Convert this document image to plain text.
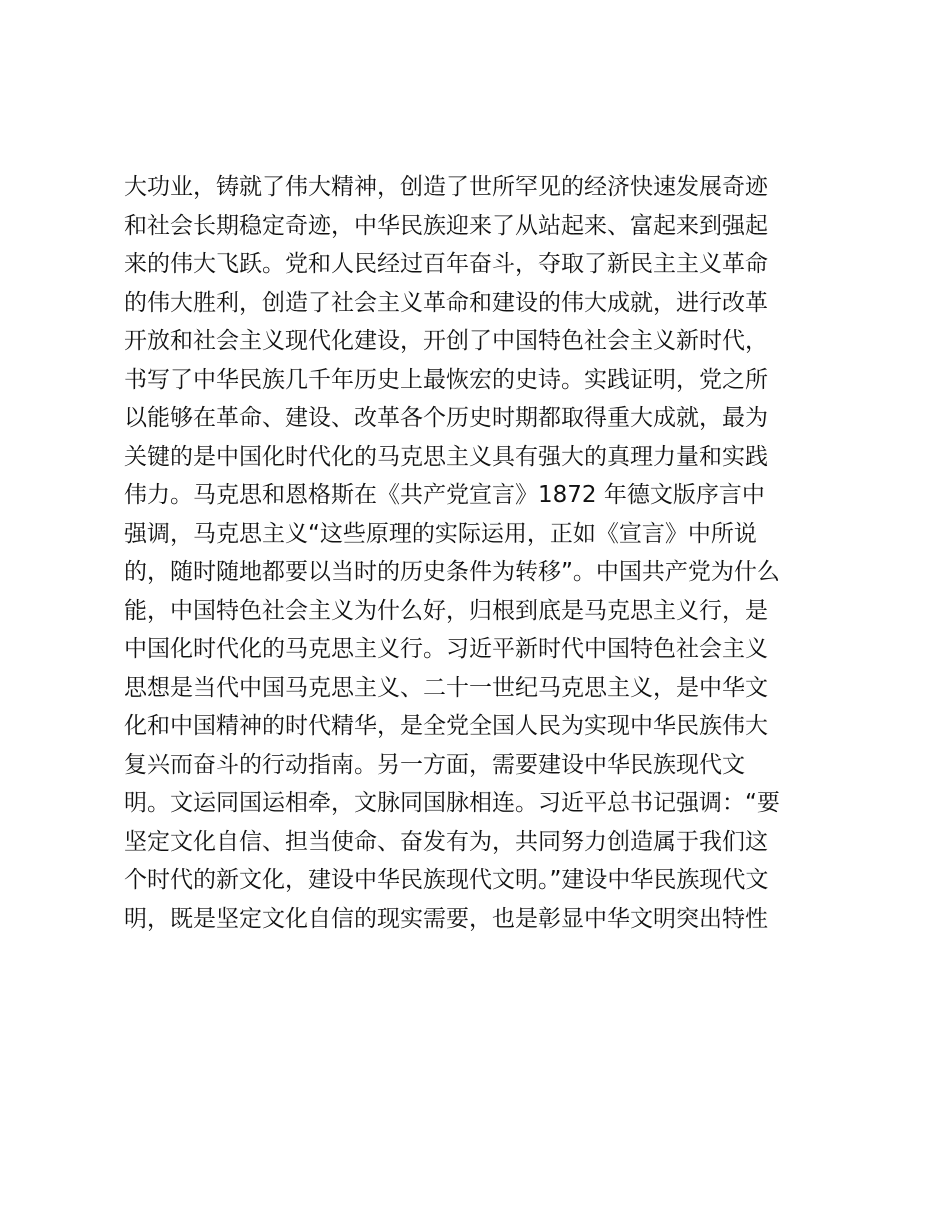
大功业，铸就了伟大精神，创造了世所罕见的经济快速发展奇迹
和社会长期稳定奇迹，中华民族迎来了从站起来、富起来到强起
来的伟大飞跃。党和人民经过百年奋斗，夺取了新民主主义革命
的伟大胜利，创造了社会主义革命和建设的伟大成就，进行改革
开放和社会主义现代化建设，开创了中国特色社会主义新时代，
书写了中华民族几千年历史上最恢宏的史诗。实践证明，党之所
以能够在革命、建设、改革各个历史时期都取得重大成就，最为
关键的是中国化时代化的马克思主义具有强大的真理力量和实践
伟力。马克思和恩格斯在《共产党宣言》1872 年德文版序言中
强调，马克思主义“这些原理的实际运用，正如《宣言》中所说
的，随时随地都要以当时的历史条件为转移”。中国共产党为什么
能，中国特色社会主义为什么好，归根到底是马克思主义行，是
中国化时代化的马克思主义行。习近平新时代中国特色社会主义
思想是当代中国马克思主义、二十一世纪马克思主义，是中华文
化和中国精神的时代精华，是全党全国人民为实现中华民族伟大
复兴而奋斗的行动指南。另一方面，需要建设中华民族现代文
明。文运同国运相牵，文脉同国脉相连。习近平总书记强调：“要
坚定文化自信、担当使命、奋发有为，共同努力创造属于我们这
个时代的新文化，建设中华民族现代文明。”建设中华民族现代文
明，既是坚定文化自信的现实需要，也是彰显中华文明突出特性
